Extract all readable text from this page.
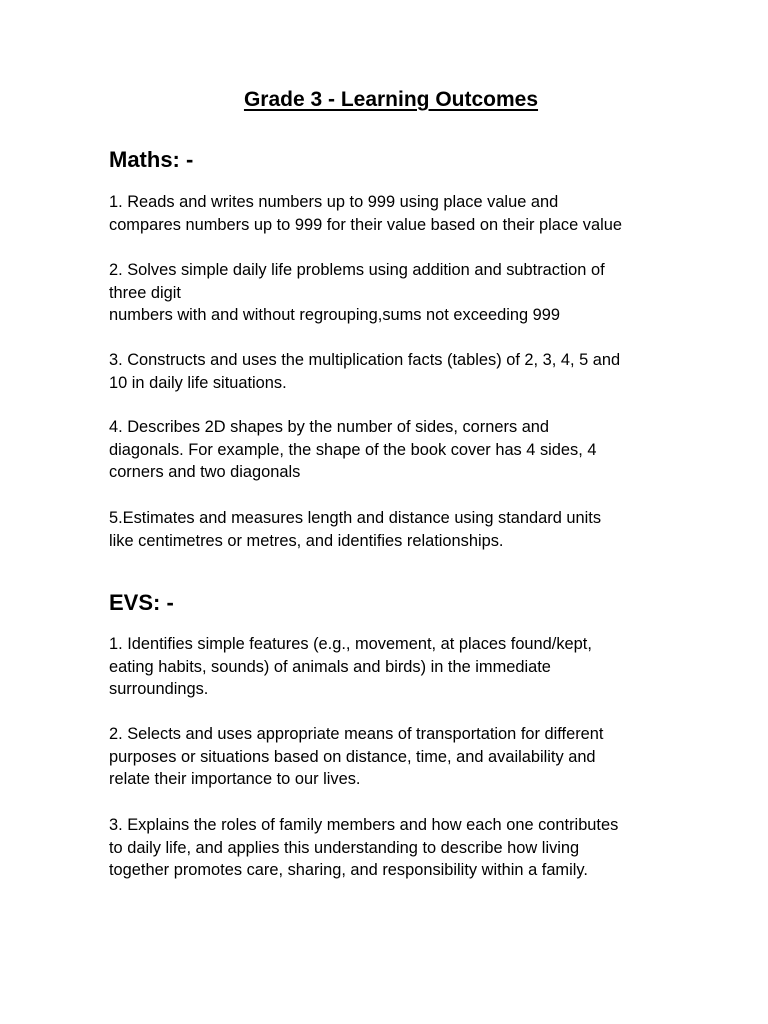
Grade 3 - Learning Outcomes
Maths: -

1. Reads and writes numbers up to 999 using place value and
compares numbers up to 999 for their value based on their place value

2. Solves simple daily life problems using addition and subtraction of
three digit
numbers with and without regrouping,sums not exceeding 999

3. Constructs and uses the multiplication facts (tables) of 2, 3, 4, 5 and
10 in daily life situations.

4. Describes 2D shapes by the number of sides, corners and
diagonals. For example, the shape of the book cover has 4 sides, 4
corners and two diagonals

5.Estimates and measures length and distance using standard units
like centimetres or metres, and identifies relationships.

EVS: -

1. Identifies simple features (e.g., movement, at places found/kept,
eating habits, sounds) of animals and birds) in the immediate
surroundings.

2. Selects and uses appropriate means of transportation for different
purposes or situations based on distance, time, and availability and
relate their importance to our lives.

3. Explains the roles of family members and how each one contributes
to daily life, and applies this understanding to describe how living
together promotes care, sharing, and responsibility within a family.
